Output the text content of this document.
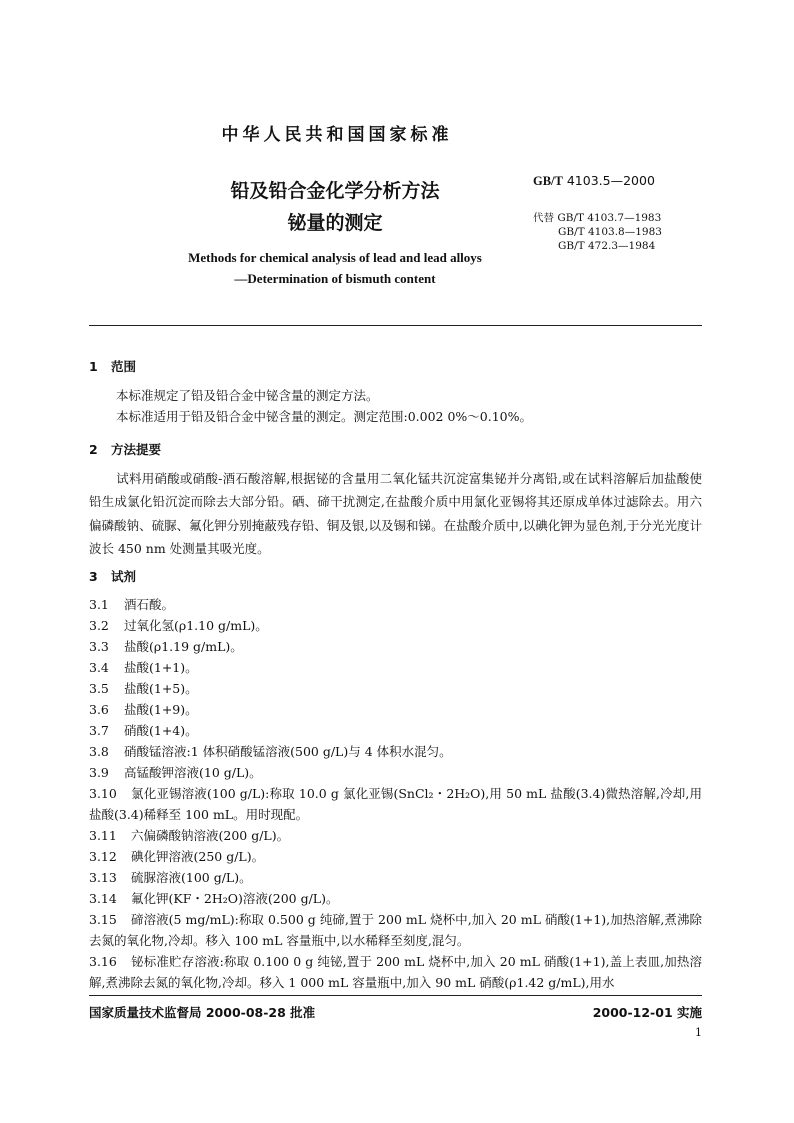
中华人民共和国国家标准
GB/T 4103.5—2000
铅及铅合金化学分析方法
铋量的测定	代替 GB/T 4103.7—1983
GB/T 4103.8—1983
GB/T 472.3—1984
Methods for chemical analysis of lead and lead alloys
—Determination of bismuth content
1 范围
本标准规定了铅及铅合金中铋含量的测定方法。
本标准适用于铅及铅合金中铋含量的测定。测定范围:0.002 0%～0.10%。
2 方法提要
试料用硝酸或硝酸-酒石酸溶解,根据铋的含量用二氧化锰共沉淀富集铋并分离铅,或在试料溶解后加盐酸使铅生成氯化铅沉淀而除去大部分铅。硒、碲干扰测定,在盐酸介质中用氯化亚锡将其还原成单体过滤除去。用六偏磷酸钠、硫脲、氟化钾分别掩蔽残存铅、铜及银,以及锡和锑。在盐酸介质中,以碘化钾为显色剂,于分光光度计波长 450 nm 处测量其吸光度。
3 试剂
3.1 酒石酸。
3.2 过氧化氢(ρ1.10 g/mL)。
3.3 盐酸(ρ1.19 g/mL)。
3.4 盐酸(1+1)。
3.5 盐酸(1+5)。
3.6 盐酸(1+9)。
3.7 硝酸(1+4)。
3.8 硝酸锰溶液:1 体积硝酸锰溶液(500 g/L)与 4 体积水混匀。
3.9 高锰酸钾溶液(10 g/L)。
3.10 氯化亚锡溶液(100 g/L):称取 10.0 g 氯化亚锡(SnCl₂・2H₂O),用 50 mL 盐酸(3.4)微热溶解,冷却,用盐酸(3.4)稀释至 100 mL。用时现配。
3.11 六偏磷酸钠溶液(200 g/L)。
3.12 碘化钾溶液(250 g/L)。
3.13 硫脲溶液(100 g/L)。
3.14 氟化钾(KF・2H₂O)溶液(200 g/L)。
3.15 碲溶液(5 mg/mL):称取 0.500 g 纯碲,置于 200 mL 烧杯中,加入 20 mL 硝酸(1+1),加热溶解,煮沸除去氮的氧化物,冷却。移入 100 mL 容量瓶中,以水稀释至刻度,混匀。
3.16 铋标准贮存溶液:称取 0.100 0 g 纯铋,置于 200 mL 烧杯中,加入 20 mL 硝酸(1+1),盖上表皿,加热溶解,煮沸除去氮的氧化物,冷却。移入 1 000 mL 容量瓶中,加入 90 mL 硝酸(ρ1.42 g/mL),用水
国家质量技术监督局 2000-08-28 批准	2000-12-01 实施
1
